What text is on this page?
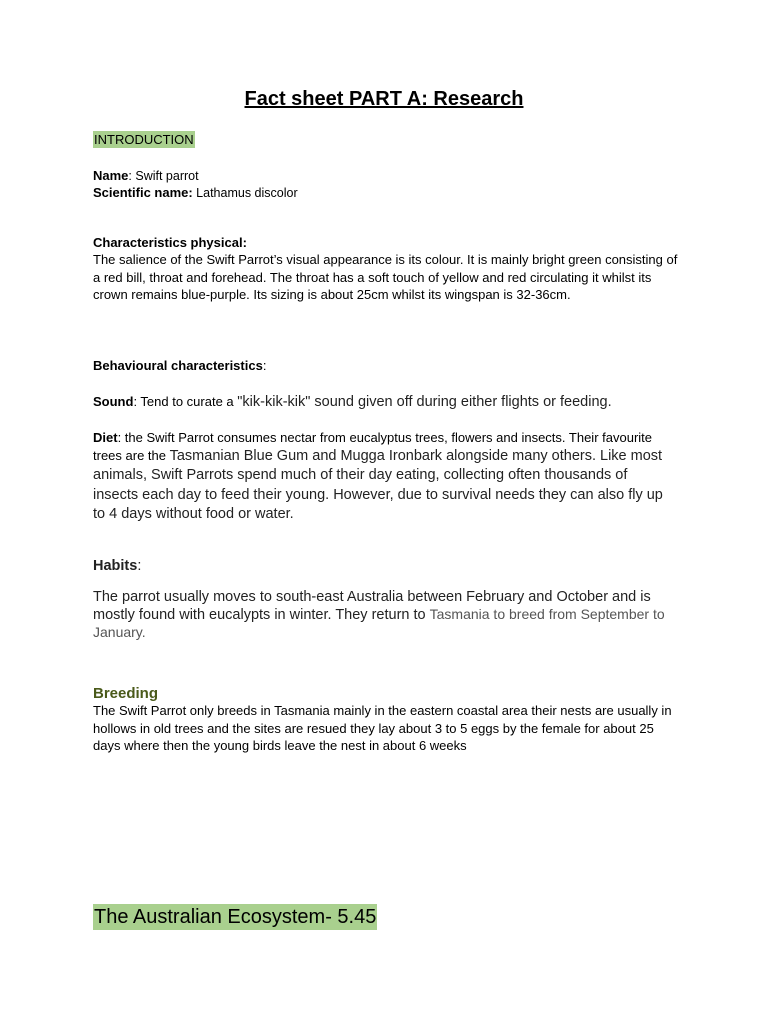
Fact sheet PART A: Research
INTRODUCTION
Name: Swift parrot
Scientific name: Lathamus discolor
Characteristics physical:

The salience of the Swift Parrot’s visual appearance is its colour. It is mainly bright green consisting of a red bill, throat and forehead. The throat has a soft touch of yellow and red circulating it whilst its crown remains blue-purple. Its sizing is about 25cm whilst its wingspan is 32-36cm.

Behavioural characteristics:

Sound: Tend to curate a "kik-kik-kik" sound given off during either flights or feeding.

Diet: the Swift Parrot consumes nectar from eucalyptus trees, flowers and insects. Their favourite trees are the Tasmanian Blue Gum and Mugga Ironbark alongside many others. Like most animals, Swift Parrots spend much of their day eating, collecting often thousands of insects each day to feed their young. However, due to survival needs they can also fly up to 4 days without food or water.

Habits:

The parrot usually moves to south-east Australia between February and October and is mostly found with eucalypts in winter. They return to Tasmania to breed from September to January.

Breeding

The Swift Parrot only breeds in Tasmania mainly in the eastern coastal area their nests are usually in hollows in old trees and the sites are resued they lay about 3 to 5 eggs by the female for about 25 days where then the young birds leave the nest in about 6 weeks

The Australian Ecosystem- 5.45
